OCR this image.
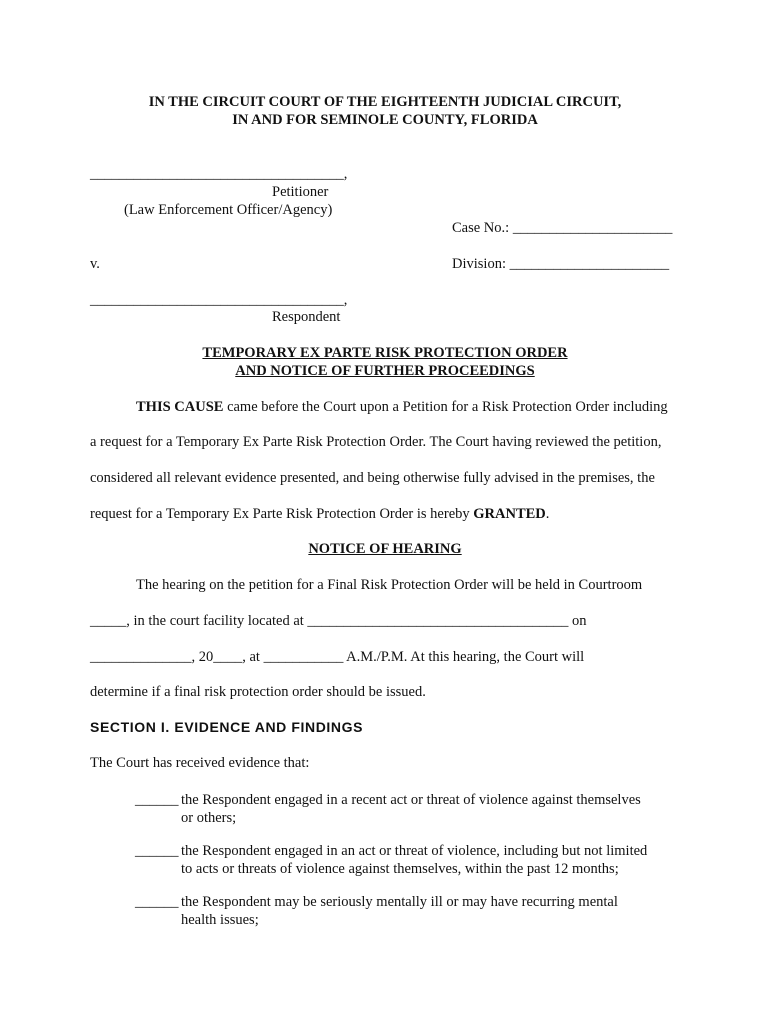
IN THE CIRCUIT COURT OF THE EIGHTEENTH JUDICIAL CIRCUIT,
IN AND FOR SEMINOLE COUNTY, FLORIDA
___________________________________,
Petitioner
(Law Enforcement Officer/Agency)
Case No.: ______________________
v.	Division: ______________________
___________________________________,
Respondent
TEMPORARY EX PARTE RISK PROTECTION ORDER
AND NOTICE OF FURTHER PROCEEDINGS
THIS CAUSE came before the Court upon a Petition for a Risk Protection Order including
a request for a Temporary Ex Parte Risk Protection Order. The Court having reviewed the petition,
considered all relevant evidence presented, and being otherwise fully advised in the premises, the
request for a Temporary Ex Parte Risk Protection Order is hereby GRANTED.
NOTICE OF HEARING
The hearing on the petition for a Final Risk Protection Order will be held in Courtroom
_____, in the court facility located at ____________________________________ on
______________, 20____, at ___________ A.M./P.M. At this hearing, the Court will
determine if a final risk protection order should be issued.
SECTION I. EVIDENCE AND FINDINGS
The Court has received evidence that:
______ the Respondent engaged in a recent act or threat of violence against themselves
or others;
______ the Respondent engaged in an act or threat of violence, including but not limited
to acts or threats of violence against themselves, within the past 12 months;
______ the Respondent may be seriously mentally ill or may have recurring mental
health issues;
